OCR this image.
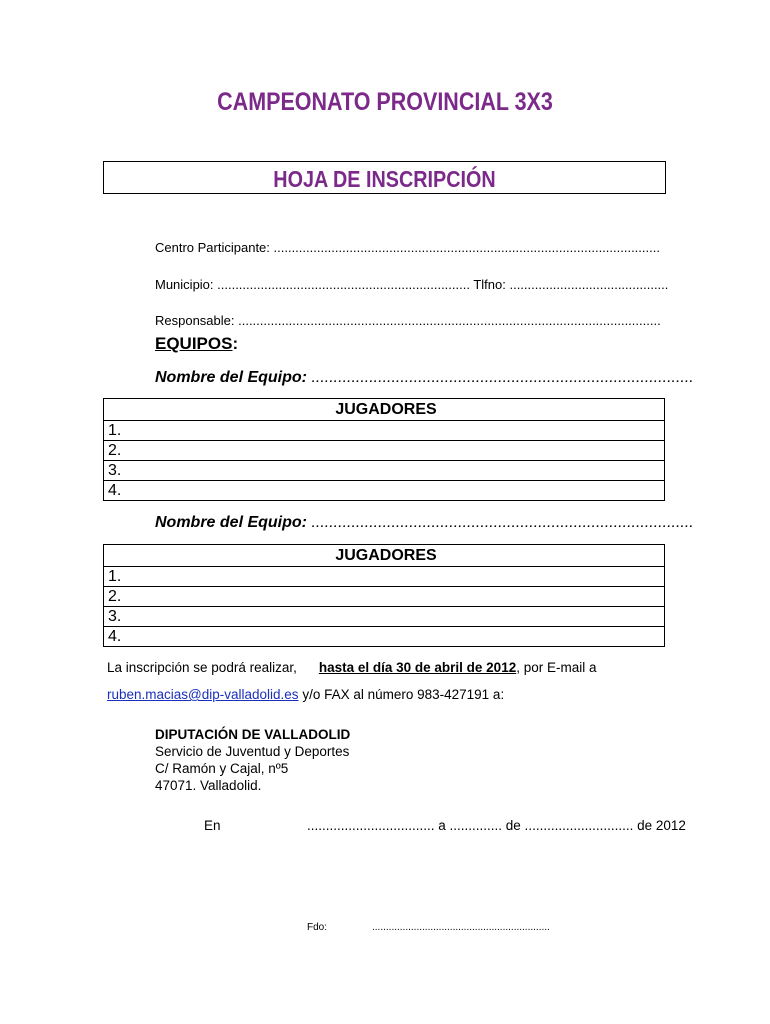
CAMPEONATO PROVINCIAL 3X3
HOJA DE INSCRIPCIÓN
Centro Participante: ...........................................................................................................
Municipio: ...................................................................... Tlfno: ............................................
Responsable: .....................................................................................................................
EQUIPOS:
Nombre del Equipo: ......................................................................................
JUGADORES
1.
2.
3.
4.
Nombre del Equipo: ......................................................................................
JUGADORES
1.
2.
3.
4.
La inscripción se podrá realizar, hasta el día 30 de abril de 2012, por E-mail a
ruben.macias@dip-valladolid.es y/o FAX al número 983-427191 a:
DIPUTACIÓN DE VALLADOLID
Servicio de Juventud y Deportes
C/ Ramón y Cajal, nº5
47071. Valladolid.
En	.................................. a .............. de ............................. de 2012
Fdo:	................................................................
